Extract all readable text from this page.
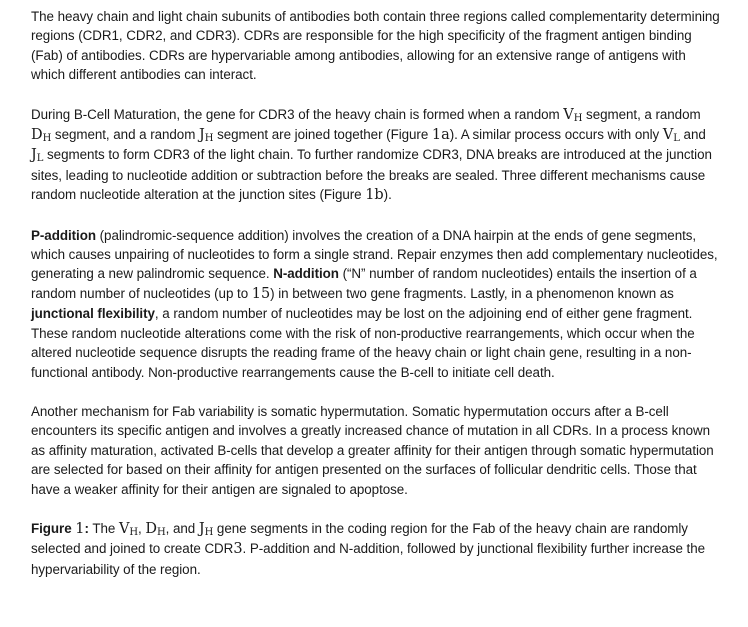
The heavy chain and light chain subunits of antibodies both contain three regions called complementarity determining regions (CDR1, CDR2, and CDR3). CDRs are responsible for the high specificity of the fragment antigen binding (Fab) of antibodies. CDRs are hypervariable among antibodies, allowing for an extensive range of antigens with which different antibodies can interact.

During B-Cell Maturation, the gene for CDR3 of the heavy chain is formed when a random $V_H$ segment, a random $D_H$ segment, and a random $J_H$ segment are joined together (Figure 1a). A similar process occurs with only $V_L$ and $J_L$ segments to form CDR3 of the light chain. To further randomize CDR3, DNA breaks are introduced at the junction sites, leading to nucleotide addition or subtraction before the breaks are sealed. Three different mechanisms cause random nucleotide alteration at the junction sites (Figure 1b).

P-addition (palindromic-sequence addition) involves the creation of a DNA hairpin at the ends of gene segments, which causes unpairing of nucleotides to form a single strand. Repair enzymes then add complementary nucleotides, generating a new palindromic sequence. N-addition (“N” number of random nucleotides) entails the insertion of a random number of nucleotides (up to 15) in between two gene fragments. Lastly, in a phenomenon known as junctional flexibility, a random number of nucleotides may be lost on the adjoining end of either gene fragment. These random nucleotide alterations come with the risk of non-productive rearrangements, which occur when the altered nucleotide sequence disrupts the reading frame of the heavy chain or light chain gene, resulting in a non-functional antibody. Non-productive rearrangements cause the B-cell to initiate cell death.

Another mechanism for Fab variability is somatic hypermutation. Somatic hypermutation occurs after a B-cell encounters its specific antigen and involves a greatly increased chance of mutation in all CDRs. In a process known as affinity maturation, activated B-cells that develop a greater affinity for their antigen through somatic hypermutation are selected for based on their affinity for antigen presented on the surfaces of follicular dendritic cells. Those that have a weaker affinity for their antigen are signaled to apoptose.

Figure 1: The $V_H$, $D_H$, and $J_H$ gene segments in the coding region for the Fab of the heavy chain are randomly selected and joined to create CDR3. P-addition and N-addition, followed by junctional flexibility further increase the hypervariability of the region.
